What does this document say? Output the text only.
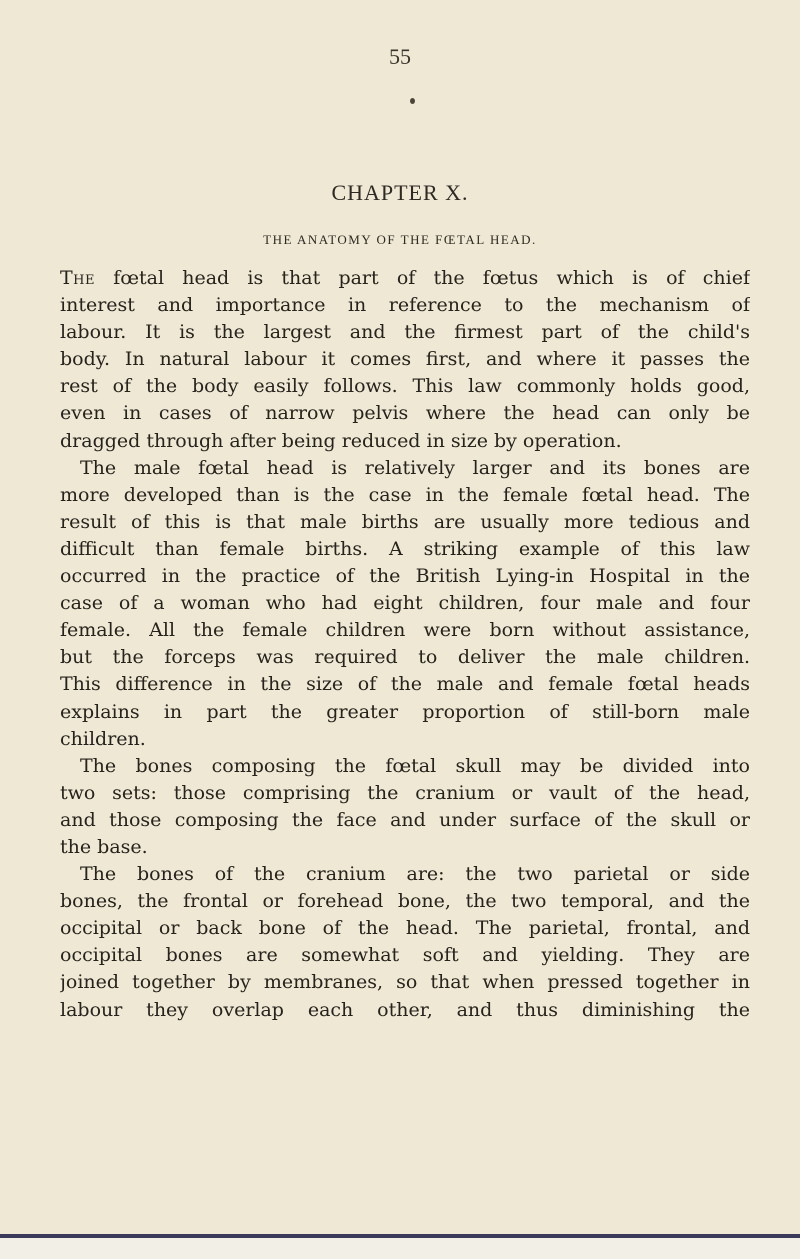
55
CHAPTER X.
THE ANATOMY OF THE FŒTAL HEAD.
The fœtal head is that part of the fœtus which is of chief
interest and importance in reference to the mechanism of
labour. It is the largest and the firmest part of the child's
body. In natural labour it comes first, and where it passes the
rest of the body easily follows. This law commonly holds good,
even in cases of narrow pelvis where the head can only be
dragged through after being reduced in size by operation.
The male fœtal head is relatively larger and its bones are
more developed than is the case in the female fœtal head. The
result of this is that male births are usually more tedious and
difficult than female births. A striking example of this law
occurred in the practice of the British Lying-in Hospital in the
case of a woman who had eight children, four male and four
female. All the female children were born without assistance,
but the forceps was required to deliver the male children.
This difference in the size of the male and female fœtal heads
explains in part the greater proportion of still-born male
children.
The bones composing the fœtal skull may be divided into
two sets: those comprising the cranium or vault of the head,
and those composing the face and under surface of the skull or
the base.
The bones of the cranium are: the two parietal or side
bones, the frontal or forehead bone, the two temporal, and the
occipital or back bone of the head. The parietal, frontal, and
occipital bones are somewhat soft and yielding. They are
joined together by membranes, so that when pressed together in
labour they overlap each other, and thus diminishing the
